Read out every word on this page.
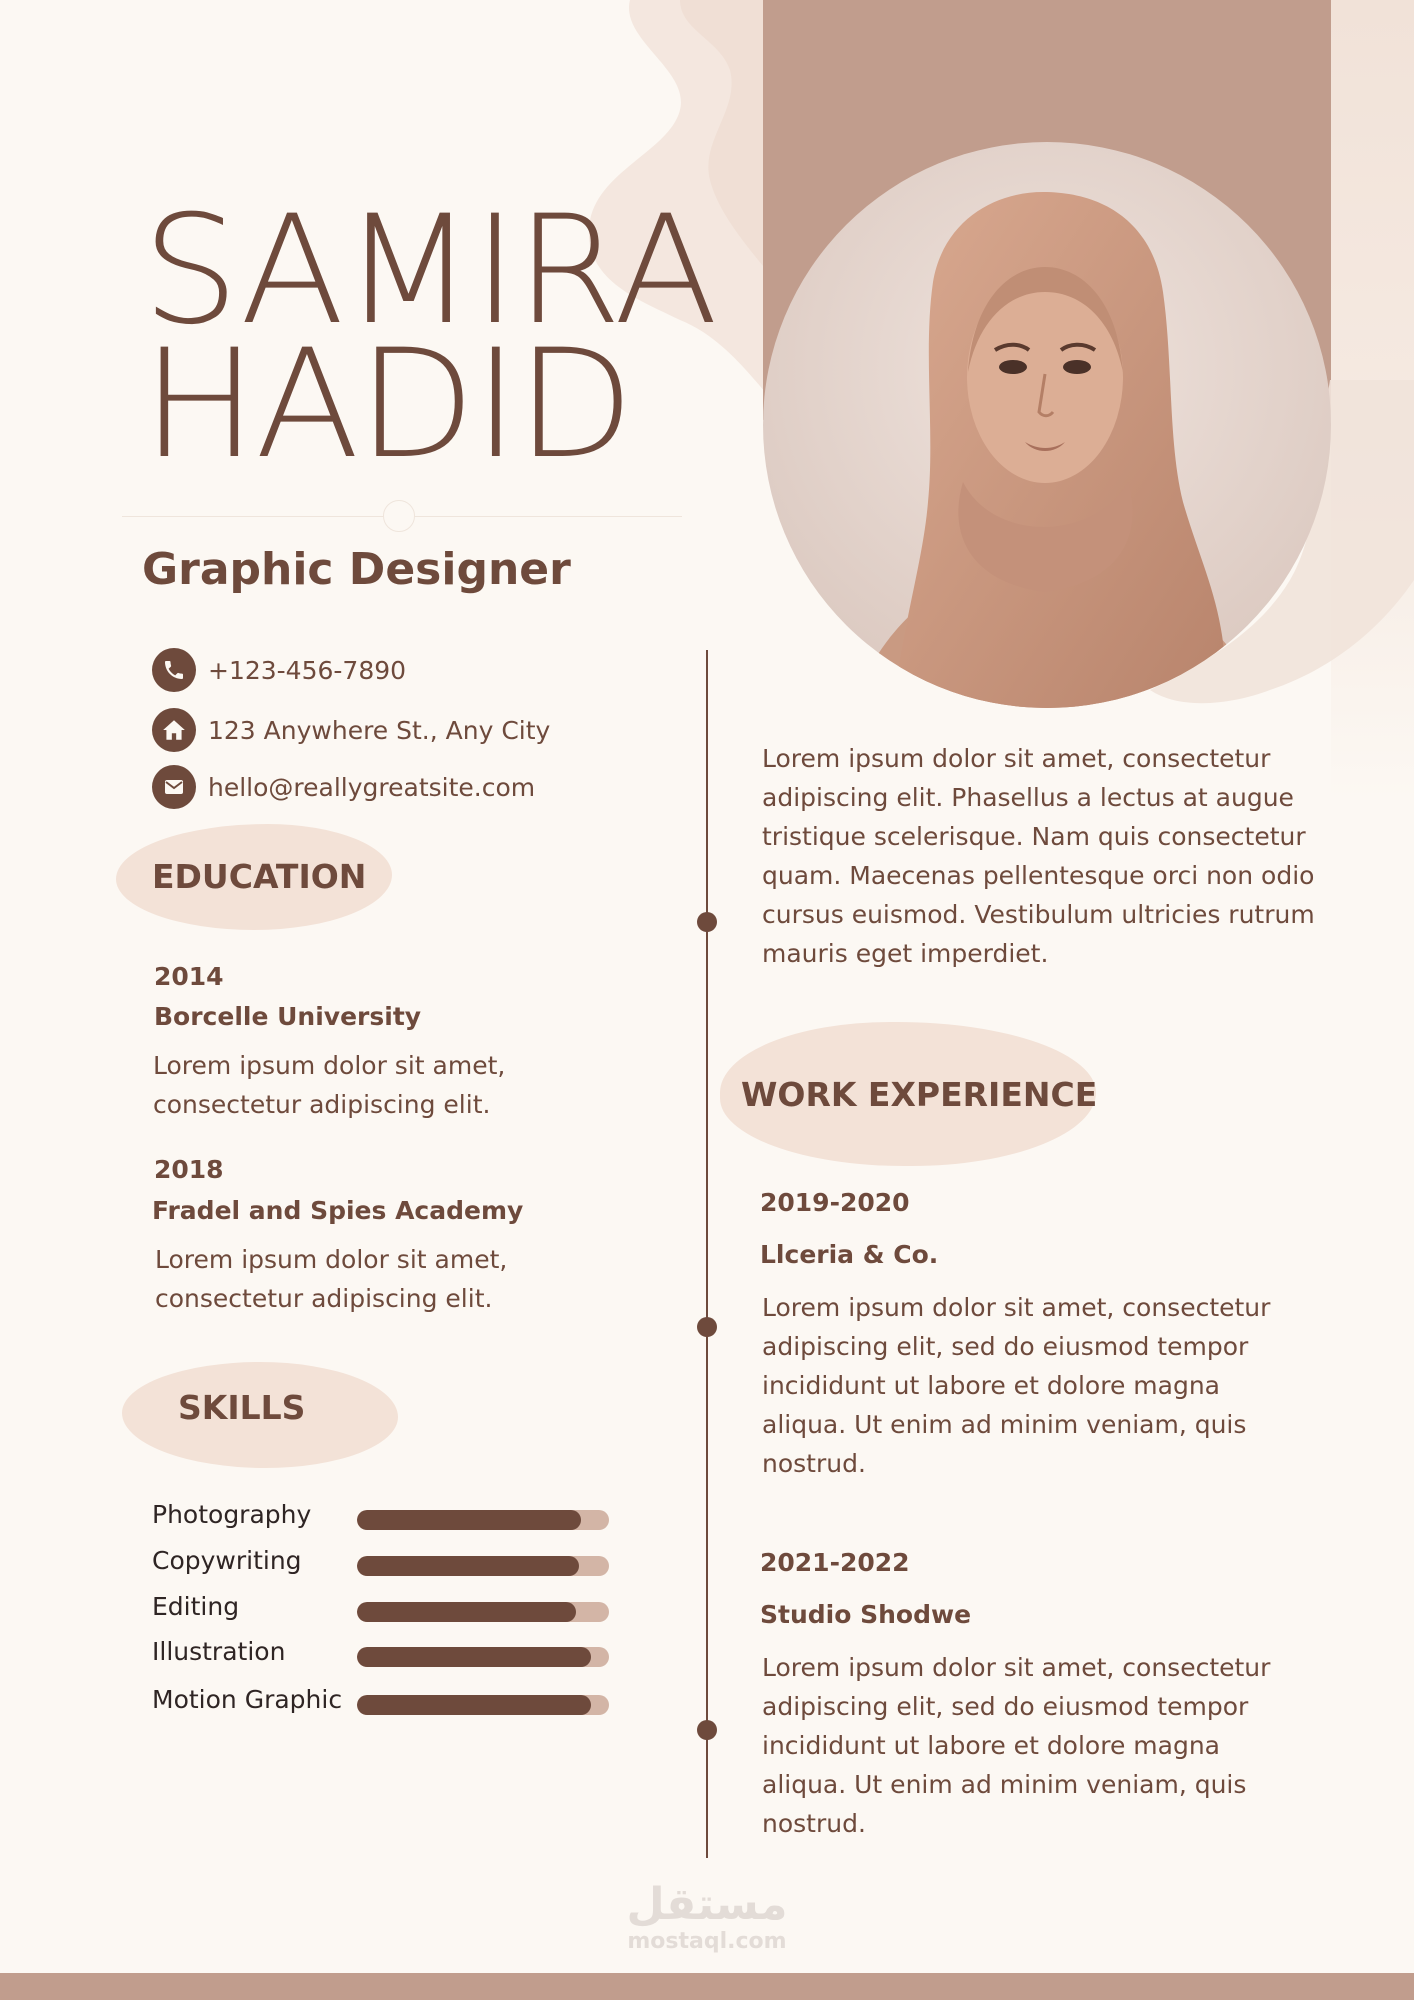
SAMIRA
HADID
Graphic Designer
+123-456-7890
123 Anywhere St., Any City
hello@reallygreatsite.com
EDUCATION
2014
Borcelle University
Lorem ipsum dolor sit amet, consectetur adipiscing elit.
2018
Fradel and Spies Academy
Lorem ipsum dolor sit amet, consectetur adipiscing elit.
SKILLS
Photography
Copywriting
Editing
Illustration
Motion Graphic
Lorem ipsum dolor sit amet, consectetur adipiscing elit. Phasellus a lectus at augue tristique scelerisque. Nam quis consectetur quam. Maecenas pellentesque orci non odio cursus euismod. Vestibulum ultricies rutrum mauris eget imperdiet.
WORK EXPERIENCE
2019-2020
Llceria & Co.
Lorem ipsum dolor sit amet, consectetur adipiscing elit, sed do eiusmod tempor incididunt ut labore et dolore magna aliqua. Ut enim ad minim veniam, quis nostrud.
2021-2022
Studio Shodwe
Lorem ipsum dolor sit amet, consectetur adipiscing elit, sed do eiusmod tempor incididunt ut labore et dolore magna aliqua. Ut enim ad minim veniam, quis nostrud.
مستقل
mostaql.com
